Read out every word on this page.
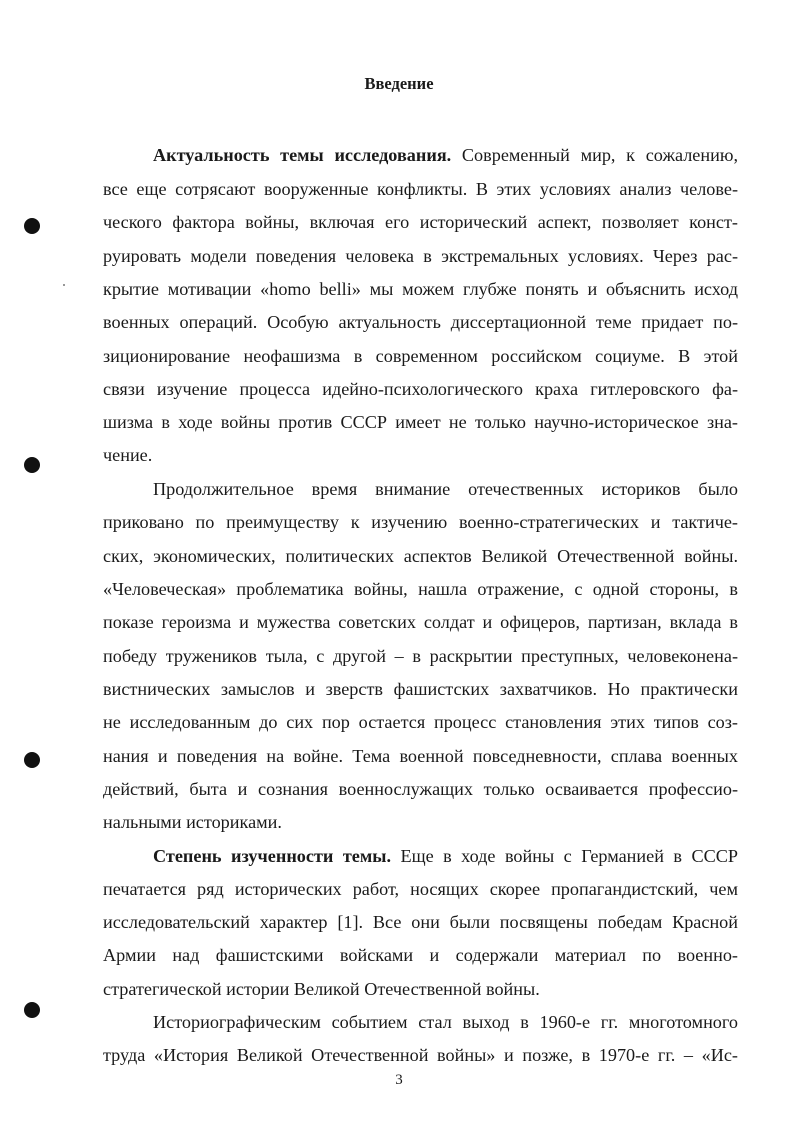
Введение
Актуальность темы исследования. Современный мир, к сожалению,
все еще сотрясают вооруженные конфликты. В этих условиях анализ челове-
ческого фактора войны, включая его исторический аспект, позволяет конст-
руировать модели поведения человека в экстремальных условиях. Через рас-
крытие мотивации «homo belli» мы можем глубже понять и объяснить исход
военных операций. Особую актуальность диссертационной теме придает по-
зиционирование неофашизма в современном российском социуме. В этой
связи изучение процесса идейно-психологического краха гитлеровского фа-
шизма в ходе войны против СССР имеет не только научно-историческое зна-
чение.
Продолжительное время внимание отечественных историков было
приковано по преимуществу к изучению военно-стратегических и тактиче-
ских, экономических, политических аспектов Великой Отечественной войны.
«Человеческая» проблематика войны, нашла отражение, с одной стороны, в
показе героизма и мужества советских солдат и офицеров, партизан, вклада в
победу тружеников тыла, с другой – в раскрытии преступных, человеконена-
вистнических замыслов и зверств фашистских захватчиков. Но практически
не исследованным до сих пор остается процесс становления этих типов соз-
нания и поведения на войне. Тема военной повседневности, сплава военных
действий, быта и сознания военнослужащих только осваивается профессио-
нальными историками.
Степень изученности темы. Еще в ходе войны с Германией в СССР
печатается ряд исторических работ, носящих скорее пропагандистский, чем
исследовательский характер [1]. Все они были посвящены победам Красной
Армии над фашистскими войсками и содержали материал по военно-
стратегической истории Великой Отечественной войны.
Историографическим событием стал выход в 1960-е гг. многотомного
труда «История Великой Отечественной войны» и позже, в 1970-е гг. – «Ис-
3
